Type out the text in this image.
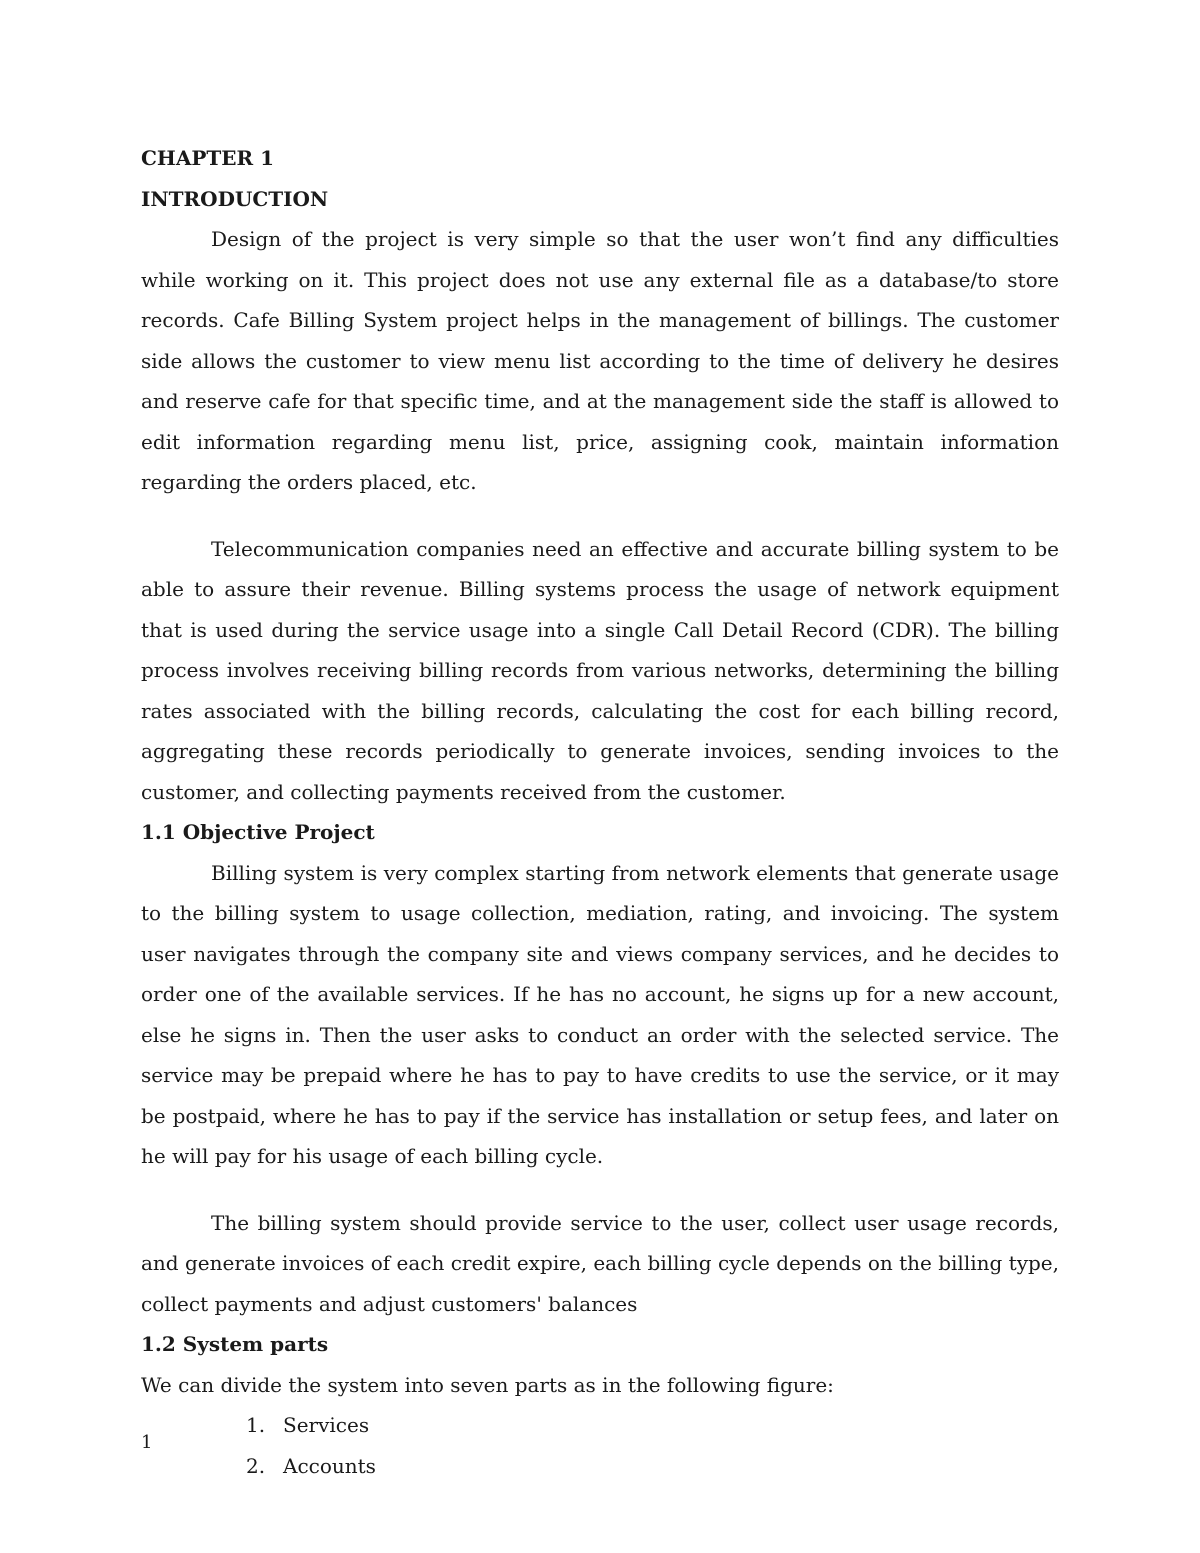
CHAPTER 1
INTRODUCTION

Design of the project is very simple so that the user won’t find any difficulties while working on it. This project does not use any external file as a database/to store records. Cafe Billing System project helps in the management of billings. The customer side allows the customer to view menu list according to the time of delivery he desires and reserve cafe for that specific time, and at the management side the staff is allowed to edit information regarding menu list, price, assigning cook, maintain information regarding the orders placed, etc.

Telecommunication companies need an effective and accurate billing system to be able to assure their revenue. Billing systems process the usage of network equipment that is used during the service usage into a single Call Detail Record (CDR). The billing process involves receiving billing records from various networks, determining the billing rates associated with the billing records, calculating the cost for each billing record, aggregating these records periodically to generate invoices, sending invoices to the customer, and collecting payments received from the customer.

1.1 Objective Project

Billing system is very complex starting from network elements that generate usage to the billing system to usage collection, mediation, rating, and invoicing. The system user navigates through the company site and views company services, and he decides to order one of the available services. If he has no account, he signs up for a new account, else he signs in. Then the user asks to conduct an order with the selected service. The service may be prepaid where he has to pay to have credits to use the service, or it may be postpaid, where he has to pay if the service has installation or setup fees, and later on he will pay for his usage of each billing cycle.

The billing system should provide service to the user, collect user usage records, and generate invoices of each credit expire, each billing cycle depends on the billing type, collect payments and adjust customers' balances

1.2 System parts

We can divide the system into seven parts as in the following figure:

1. Services
2. Accounts
1
